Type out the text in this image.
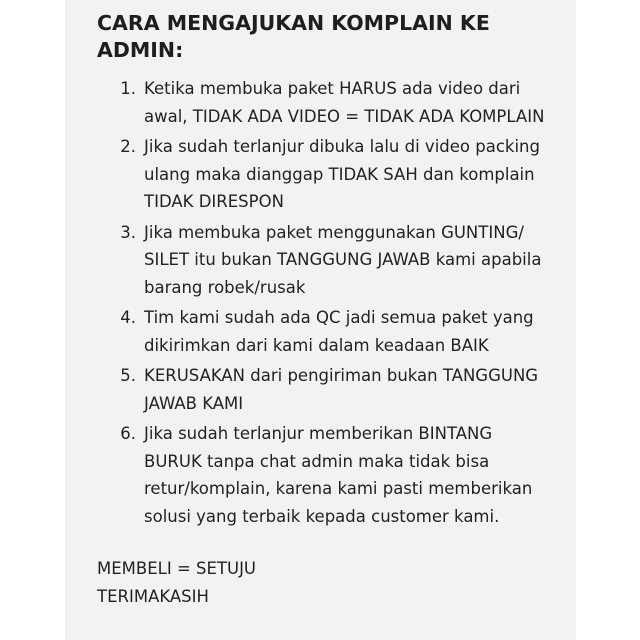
CARA MENGAJUKAN KOMPLAIN KE ADMIN:
1. Ketika membuka paket HARUS ada video dari awal, TIDAK ADA VIDEO = TIDAK ADA KOMPLAIN
2. Jika sudah terlanjur dibuka lalu di video packing ulang maka dianggap TIDAK SAH dan komplain TIDAK DIRESPON
3. Jika membuka paket menggunakan GUNTING/ SILET itu bukan TANGGUNG JAWAB kami apabila barang robek/rusak
4. Tim kami sudah ada QC jadi semua paket yang dikirimkan dari kami dalam keadaan BAIK
5. KERUSAKAN dari pengiriman bukan TANGGUNG JAWAB KAMI
6. Jika sudah terlanjur memberikan BINTANG BURUK tanpa chat admin maka tidak bisa retur/komplain, karena kami pasti memberikan solusi yang terbaik kepada customer kami.
MEMBELI = SETUJU
TERIMAKASIH
